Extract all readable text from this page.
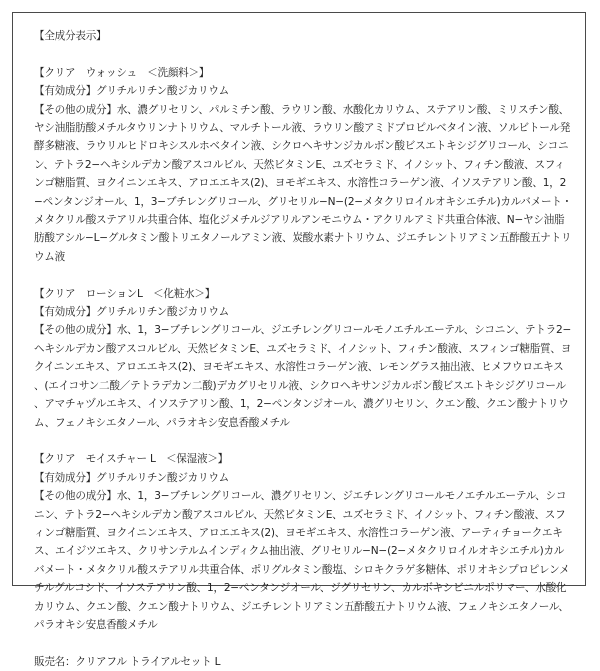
【全成分表示】
【クリア　ウォッシュ　＜洗顔料＞】
【有効成分】グリチルリチン酸ジカリウム
【その他の成分】水、濃グリセリン、パルミチン酸、ラウリン酸、水酸化カリウム、ステアリン酸、ミリスチン酸、ヤシ油脂肪酸メチルタウリンナトリウム、マルチトール液、ラウリン酸アミドプロピルベタイン液、ソルビトール発酵多糖液、ラウリルヒドロキシスルホベタイン液、シクロヘキサンジカルボン酸ビスエトキシジグリコール、シコニン、テトラ2−ヘキシルデカン酸アスコルビル、天然ビタミンE、ユズセラミド、イノシット、フィチン酸液、スフィンゴ糖脂質、ヨクイニンエキス、アロエエキス(2)、ヨモギエキス、水溶性コラーゲン液、イソステアリン酸、1，2−ペンタンジオール、1，3−ブチレングリコール、グリセリル−N−(2−メタクリロイルオキシエチル)カルバメート・メタクリル酸ステアリル共重合体、塩化ジメチルジアリルアンモニウム・アクリルアミド共重合体液、N−ヤシ油脂肪酸アシル−L−グルタミン酸トリエタノールアミン液、炭酸水素ナトリウム、ジエチレントリアミン五酢酸五ナトリウム液
【クリア　ローションL　＜化粧水＞】
【有効成分】グリチルリチン酸ジカリウム
【その他の成分】水、1，3−ブチレングリコール、ジエチレングリコールモノエチルエーテル、シコニン、テトラ2−ヘキシルデカン酸アスコルビル、天然ビタミンE、ユズセラミド、イノシット、フィチン酸液、スフィンゴ糖脂質、ヨクイニンエキス、アロエエキス(2)、ヨモギエキス、水溶性コラーゲン液、レモングラス抽出液、ヒメフウロエキス、(エイコサン二酸／テトラデカン二酸)デカグリセリル液、シクロヘキサンジカルボン酸ビスエトキシジグリコール、アマチャヅルエキス、イソステアリン酸、1，2−ペンタンジオール、濃グリセリン、クエン酸、クエン酸ナトリウム、フェノキシエタノール、パラオキシ安息香酸メチル
【クリア　モイスチャー L　＜保湿液＞】
【有効成分】グリチルリチン酸ジカリウム
【その他の成分】水、1，3−ブチレングリコール、濃グリセリン、ジエチレングリコールモノエチルエーテル、シコニン、テトラ2−ヘキシルデカン酸アスコルビル、天然ビタミンE、ユズセラミド、イノシット、フィチン酸液、スフィンゴ糖脂質、ヨクイニンエキス、アロエエキス(2)、ヨモギエキス、水溶性コラーゲン液、アーティチョークエキス、エイジツエキス、クリサンテルムインディクム抽出液、グリセリル−N−(2−メタクリロイルオキシエチル)カルバメート・メタクリル酸ステアリル共重合体、ポリグルタミン酸塩、シロキクラゲ多糖体、ポリオキシプロピレンメチルグルコシド、イソステアリン酸、1，2−ペンタンジオール、ジグリセリン、カルボキシビニルポリマー、水酸化カリウム、クエン酸、クエン酸ナトリウム、ジエチレントリアミン五酢酸五ナトリウム液、フェノキシエタノール、パラオキシ安息香酸メチル
販売名：クリアフル トライアルセット L
